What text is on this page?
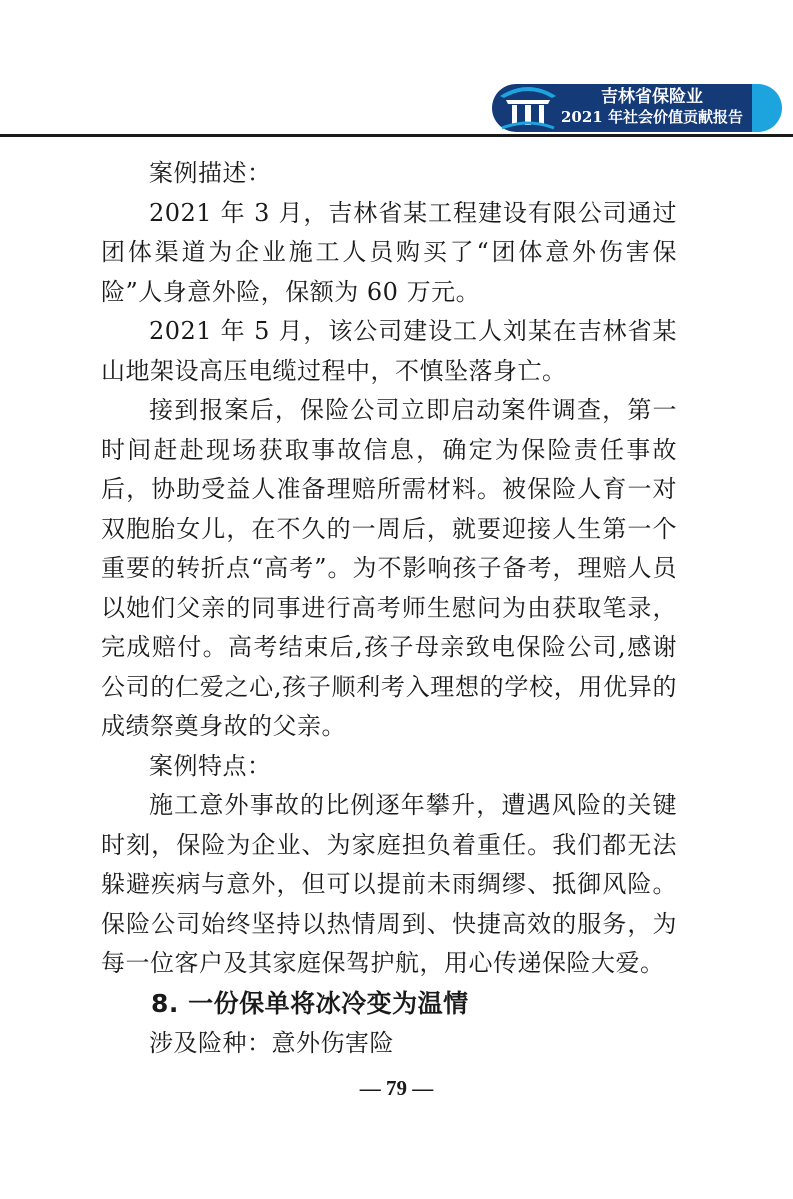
吉林省保险业
2021 年社会价值贡献报告

案例描述：

2021 年 3 月，吉林省某工程建设有限公司通过团体渠道为企业施工人员购买了“团体意外伤害保险”人身意外险，保额为 60 万元。

2021 年 5 月，该公司建设工人刘某在吉林省某山地架设高压电缆过程中，不慎坠落身亡。

接到报案后，保险公司立即启动案件调查，第一时间赶赴现场获取事故信息，确定为保险责任事故后，协助受益人准备理赔所需材料。被保险人育一对双胞胎女儿，在不久的一周后，就要迎接人生第一个重要的转折点“高考”。为不影响孩子备考，理赔人员以她们父亲的同事进行高考师生慰问为由获取笔录，完成赔付。高考结束后,孩子母亲致电保险公司,感谢公司的仁爱之心,孩子顺利考入理想的学校，用优异的成绩祭奠身故的父亲。

案例特点：

施工意外事故的比例逐年攀升，遭遇风险的关键时刻，保险为企业、为家庭担负着重任。我们都无法躲避疾病与意外，但可以提前未雨绸缪、抵御风险。保险公司始终坚持以热情周到、快捷高效的服务，为每一位客户及其家庭保驾护航，用心传递保险大爱。

8. 一份保单将冰冷变为温情

涉及险种：意外伤害险

— 79 —
